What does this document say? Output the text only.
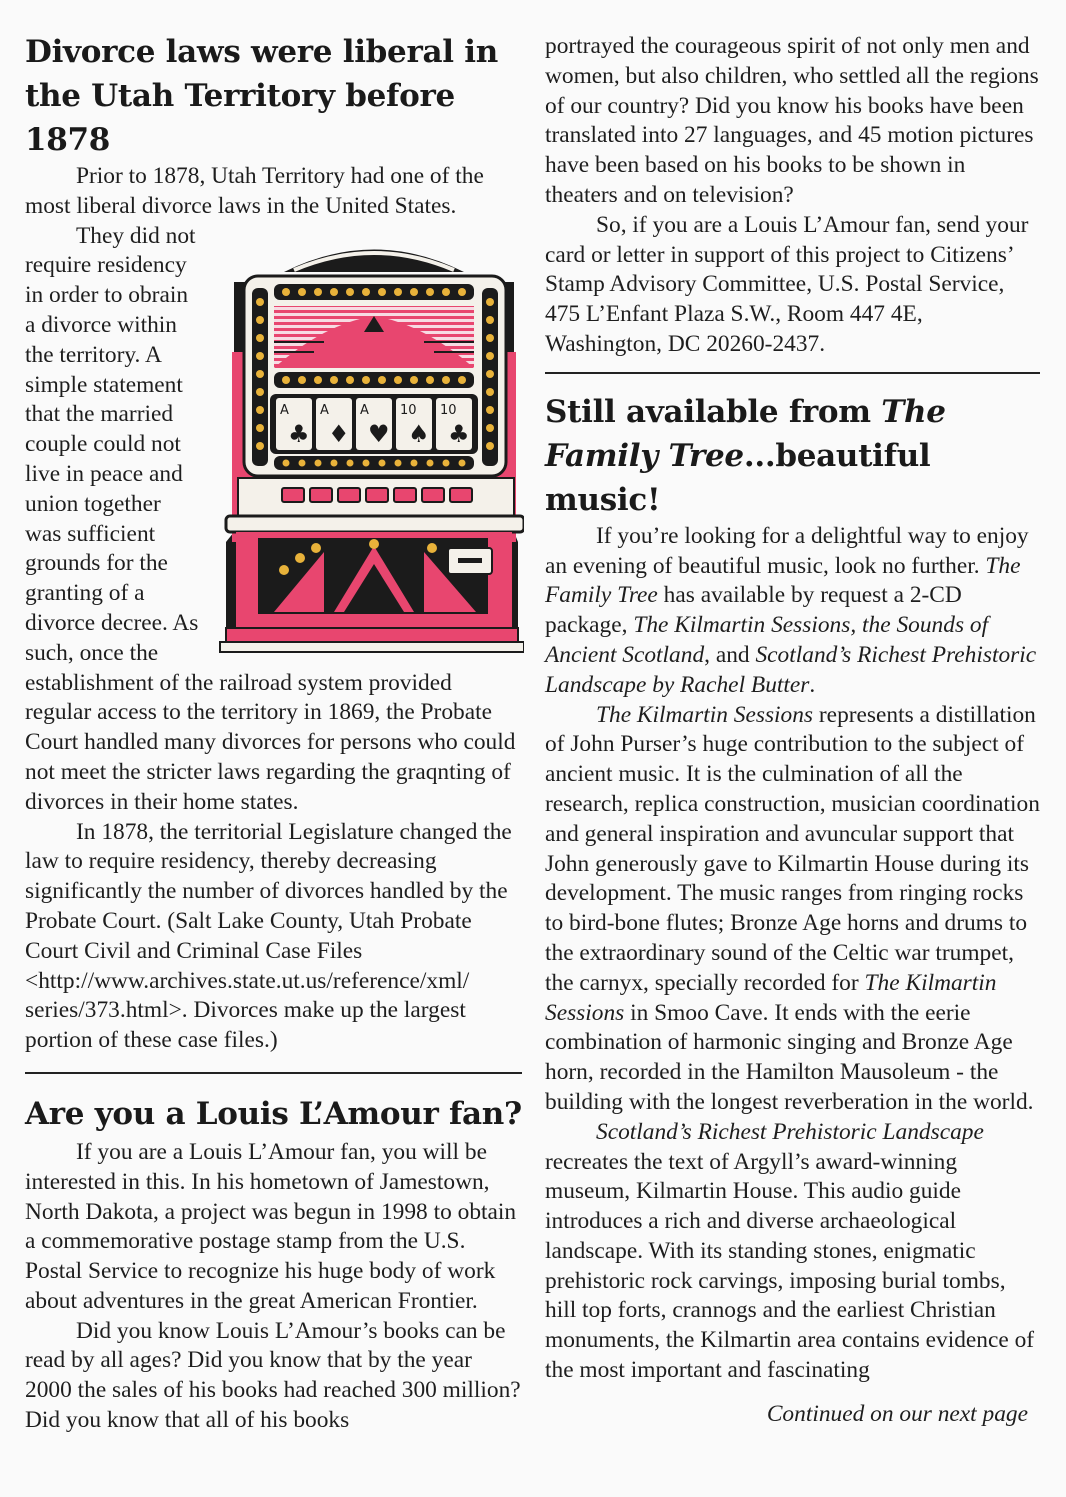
Divorce laws were liberal in the Utah Territory before 1878

Prior to 1878, Utah Territory had one of the most liberal divorce laws in the United States.

A
♣
A
♦
A
♥
10
♠
10
♣

They did not require residency in order to obrain a divorce within the territory. A simple statement that the married couple could not live in peace and union together was sufficient grounds for the granting of a divorce decree. As such, once the establishment of the railroad system provided regular access to the territory in 1869, the Probate Court handled many divorces for persons who could not meet the stricter laws regarding the graqnting of divorces in their home states.

In 1878, the territorial Legislature changed the law to require residency, thereby decreasing significantly the number of divorces handled by the Probate Court. (Salt Lake County, Utah Probate Court Civil and Criminal Case Files <http://www.archives.state.ut.us/reference/xml/ series/373.html>. Divorces make up the largest portion of these case files.)

Are you a Louis L’Amour fan?

If you are a Louis L’Amour fan, you will be interested in this. In his hometown of Jamestown, North Dakota, a project was begun in 1998 to obtain a commemorative postage stamp from the U.S. Postal Service to recognize his huge body of work about adventures in the great American Frontier.

Did you know Louis L’Amour’s books can be read by all ages? Did you know that by the year 2000 the sales of his books had reached 300 million? Did you know that all of his books

portrayed the courageous spirit of not only men and women, but also children, who settled all the regions of our country? Did you know his books have been translated into 27 languages, and 45 motion pictures have been based on his books to be shown in theaters and on television?

So, if you are a Louis L’Amour fan, send your card or letter in support of this project to Citizens’ Stamp Advisory Committee, U.S. Postal Service, 475 L’Enfant Plaza S.W., Room 447 4E, Washington, DC 20260-2437.

Still available from The Family Tree...beautiful music!

If you’re looking for a delightful way to enjoy an evening of beautiful music, look no further. The Family Tree has available by request a 2-CD package, The Kilmartin Sessions, the Sounds of Ancient Scotland, and Scotland’s Richest Prehistoric Landscape by Rachel Butter.

The Kilmartin Sessions represents a distillation of John Purser’s huge contribution to the subject of ancient music. It is the culmination of all the research, replica construction, musician coordination and general inspiration and avuncular support that John generously gave to Kilmartin House during its development. The music ranges from ringing rocks to bird-bone flutes; Bronze Age horns and drums to the extraordinary sound of the Celtic war trumpet, the carnyx, specially recorded for The Kilmartin Sessions in Smoo Cave. It ends with the eerie combination of harmonic singing and Bronze Age horn, recorded in the Hamilton Mausoleum - the building with the longest reverberation in the world.

Scotland’s Richest Prehistoric Landscape recreates the text of Argyll’s award-winning museum, Kilmartin House. This audio guide introduces a rich and diverse archaeological landscape. With its standing stones, enigmatic prehistoric rock carvings, imposing burial tombs, hill top forts, crannogs and the earliest Christian monuments, the Kilmartin area contains evidence of the most important and fascinating

Continued on our next page
